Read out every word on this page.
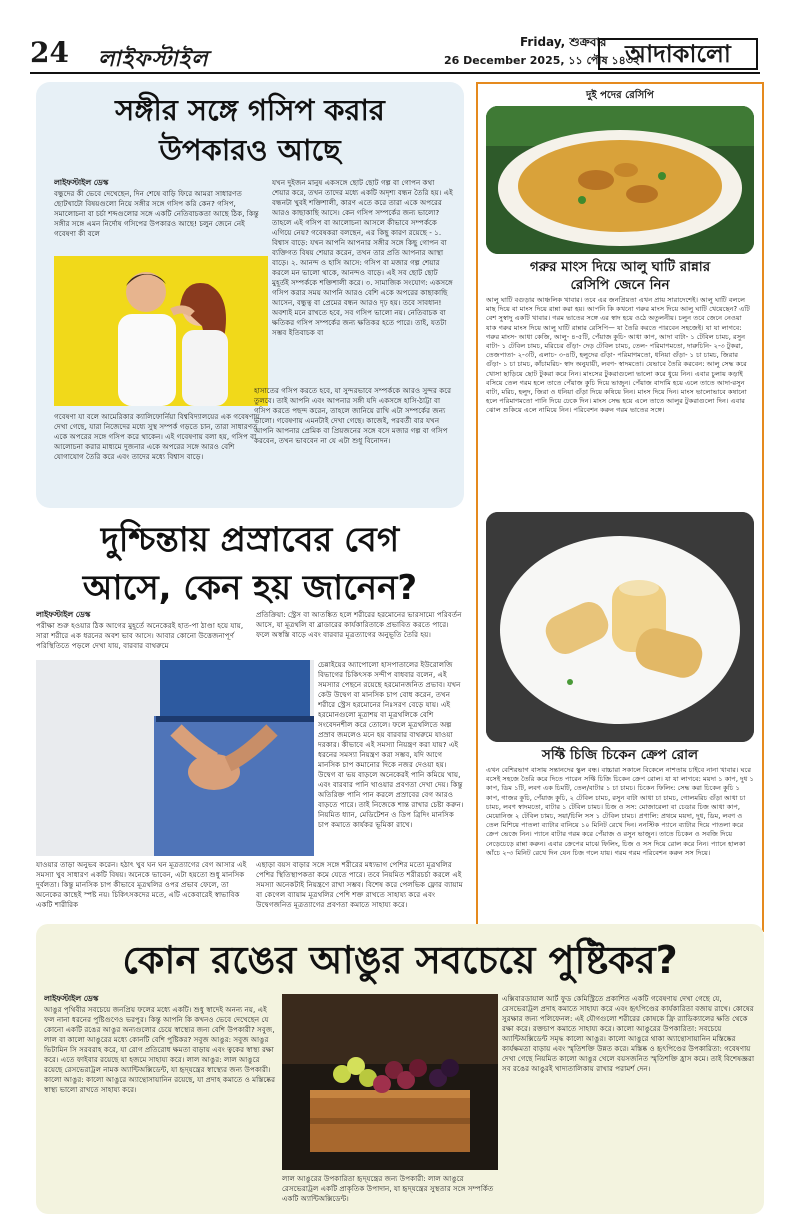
24 লাইফস্টাইল
Friday, শুক্রবার
26 December 2025, ১১ পৌষ ১৪৩২
আদাকালো
সঙ্গীর সঙ্গে গসিপ করার
উপকারও আছে

লাইফস্টাইল ডেস্ক

বন্ধুদের কী ভেবে দেখেছেন, দিন শেষে বাড়ি ফিরে আমরা সাধারণত ছোটখাটো বিষয়গুলো নিয়ে সঙ্গীর সঙ্গে গসিপ করি কেন? গসিপ, সমালোচনা বা চর্চা শব্দগুলোর সঙ্গে একটি নেতিবাচকতা আছে ঠিক, কিন্তু সঙ্গীর সঙ্গে এমন নির্দোষ গসিপের উপকারও আছে! চলুন জেনে নেই গবেষণা কী বলে

যখন দুইজন মানুষ একসঙ্গে ছোট ছোট গল্প বা গোপন কথা শেয়ার করে, তখন তাদের মধ্যে একটি অদৃশ্য বন্ধন তৈরি হয়। এই বন্ধনটা খুবই শক্তিশালী, কারণ এতে করে তারা একে অপরের আরও কাছাকাছি আসে। কেন গসিপ সম্পর্কের জন্য ভালো? তাহলে এই গসিপ বা আলোচনা আসলে কীভাবে সম্পর্ককে এগিয়ে নেয়? গবেষকরা বলছেন, এর কিছু কারণ রয়েছে - ১. বিশ্বাস বাড়ে: যখন আপনি আপনার সঙ্গীর সঙ্গে কিছু গোপন বা ব্যক্তিগত বিষয় শেয়ার করেন, তখন তার প্রতি আপনার আস্থা বাড়ে। ২. আনন্দ ও হাসি আসে: গসিপ বা মজার গল্প শেয়ার করলে মন ভালো থাকে, আনন্দও বাড়ে। এই সব ছোট ছোট মুহূর্তই সম্পর্ককে শক্তিশালী করে। ৩. সামাজিক সংযোগ: একসঙ্গে গসিপ করার সময় আপনি আরও বেশি একে অপরের কাছাকাছি আসেন, বন্ধুত্ব বা প্রেমের বন্ধন আরও দৃঢ় হয়। তবে সাবধান! অবশ্যই মনে রাখতে হবে, সব গসিপ ভালো নয়। নেতিবাচক বা ক্ষতিকর গসিপ সম্পর্কের জন্য ক্ষতিকর হতে পারে। তাই, যতটা সম্ভব ইতিবাচক বা

গবেষণা যা বলে আমেরিকার ক্যালিফোর্নিয়া বিশ্ববিদ্যালয়ের এক গবেষণায় দেখা গেছে, যারা নিজেদের মধ্যে সুস্থ সম্পর্ক গড়তে চান, তারা সাধারণত একে অপরের সঙ্গে গসিপ করে থাকেন। এই গবেষণায় বলা হয়, গসিপ বা আলোচনা করার মাধ্যমে দুজনার একে অপরের সঙ্গে আরও বেশি যোগাযোগ তৈরি করে এবং তাদের মধ্যে বিশ্বাস বাড়ে।

হাসাতের গসিপ করতে হবে, যা সুন্দরভাবে সম্পর্ককে আরও সুন্দর করে তুলবে। তাই আপনি এবং আপনার সঙ্গী যদি একসঙ্গে হাসি-ঠাট্টা বা গসিপ করতে পছন্দ করেন, তাহলে জানিয়ে রাখি এটা সম্পর্কের জন্য ভালো। গবেষণায় এমনটাই দেখা গেছে। কাজেই, পরবর্তী বার যখন আপনি আপনার প্রেমিক বা প্রিয়জনের সঙ্গে বসে মজার গল্প বা গসিপ করবেন, তখন ভাববেন না যে এটা শুধু বিনোদন।

দুশ্চিন্তায় প্রস্রাবের বেগ
আসে, কেন হয় জানেন?

লাইফস্টাইল ডেস্ক

পরীক্ষা শুরু হওয়ার ঠিক আগের মুহূর্তে অনেকেরই হাত-পা ঠাণ্ডা হয়ে যায়, সারা শরীরে এক ধরনের অবশ ভাব আসে। আবার কোনো উত্তেজনাপূর্ণ পরিস্থিতিতে পড়লে দেখা যায়, বারবার বাথরুমে

প্রতিক্রিয়া: স্ট্রেস বা আতঙ্কিত হলে শরীরের হরমোনের ভারসাম্যে পরিবর্তন আসে, যা মূত্রথলি বা ব্লাডারের কার্যকারিতাকে প্রভাবিত করতে পারে। ফলে অস্বস্তি বাড়ে এবং বারবার মূত্রত্যাগের অনুভূতি তৈরি হয়।

চেন্নাইয়ের অ্যাপোলো হাসপাতালের ইউরোলজি বিভাগের চিকিৎসক সন্দীপ বাধবার বলেন, এই সমস্যার পেছনে রয়েছে হরমোনজনিত প্রভাব। যখন কেউ উদ্বেগ বা মানসিক চাপ বোধ করেন, তখন শরীরে স্ট্রেস হরমোনের নিঃসরণ বেড়ে যায়। এই হরমোনগুলো মূত্রাশয় বা মূত্রথলিকে বেশি সংবেদনশীল করে তোলে। ফলে মূত্রথলিতে অল্প প্রস্রাব জমলেও মনে হয় বারবার বাথরুমে যাওয়া দরকার। কীভাবে এই সমস্যা নিয়ন্ত্রণ করা যায়? এই ধরনের সমস্যা নিয়ন্ত্রণ করা সম্ভব, যদি আগে মানসিক চাপ কমানোর দিকে নজর দেওয়া হয়। উদ্বেগ বা ভয় বাড়লে অনেকেরই পানি কমিয়ে খায়, এবং বারবার পানি খাওয়ার প্রবণতা দেখা দেয়। কিন্তু অতিরিক্ত পানি পান করলে প্রস্রাবের বেগ আরও বাড়তে পারে। তাই নিজেকে শান্ত রাখার চেষ্টা করুন। নিয়মিত ধ্যান, মেডিটেশন ও ডিপ ব্রিদিং মানসিক চাপ কমাতে কার্যকর ভূমিকা রাখে।

যাওয়ার তাড়া অনুভব করেন। হঠাৎ খুব ঘন ঘন মূত্রত্যাগের বেগ আসার এই সমস্যা খুব সাধারণ একটি বিষয়। অনেকে ভাবেন, এটা হয়তো শুধু মানসিক দুর্বলতা। কিন্তু মানসিক চাপ কীভাবে মূত্রথলির ওপর প্রভাব ফেলে, তা অনেকের কাছেই স্পষ্ট নয়। চিকিৎসকদের মতে, এটি একেবারেই স্বাভাবিক একটি শারীরিক

এছাড়া বয়স বাড়ার সঙ্গে সঙ্গে শরীরের মধ্যভাগ পেশির মতো মূত্রথলির পেশির স্থিতিস্থাপকতা কমে যেতে পারে। তবে নিয়মিত শরীরচর্চা করলে এই সমস্যা অনেকটাই নিয়ন্ত্রণে রাখা সম্ভব। বিশেষ করে পেলভিক ফ্লোর ব্যায়াম বা কেগেল ব্যায়াম মূত্রথলির পেশি শক্ত রাখতে সাহায্য করে এবং উদ্বেগজনিত মূত্রত্যাগের প্রবণতা কমাতে সাহায্য করে।

দুই পদের রেসিপি
গরুর মাংস দিয়ে আলু ঘাটি রান্নার
রেসিপি জেনে নিন
আলু ঘাটি বগুড়ার আঞ্চলিক খাবার। তবে এর জনপ্রিয়তা এখন প্রায় সারাদেশেই। আলু ঘাটি বললে মাছ দিয়ে বা মাংস দিয়ে রান্না করা হয়। আপনি কি কখনো গরুর মাংস দিয়ে আলু ঘাটি খেয়েছেন? এটি বেশ সুস্বাদু একটি খাবার। গরম ভাতের সঙ্গে এর স্বাদ হয়ে ওঠে অতুলনীয়। চলুন তবে জেনে নেওয়া যাক গরুর মাংস দিয়ে আলু ঘাটি রান্নার রেসিপি— যা তৈরি করতে পারবেন সহজেই। যা যা লাগবে: গরুর মাংস- আধা কেজি, আলু- ৪-৫টি, পেঁয়াজ কুচি- আধা কাপ, আদা বাটা- ১ টেবিল চামচ, রসুন বাটা- ১ টেবিল চামচ, মরিচের গুঁড়া- দেড় টেবিল চামচ, তেল- পরিমাণমতো, দারুচিনি- ২-৩ টুকরা, তেজপাতা- ২-৩টি, এলাচ- ৩-৪টি, হলুদের গুঁড়া- পরিমাণমতো, ধনিয়া গুঁড়া- ১ চা চামচ, জিরার গুঁড়া- ১ চা চামচ, কাঁচামরিচ- স্বাদ অনুযায়ী, লবণ- স্বাদমতো। যেভাবে তৈরি করবেন: আলু সেদ্ধ করে খোসা ছাড়িয়ে ছোট টুকরা করে নিন। মাংসের টুকরাগুলো ভালো করে ধুয়ে নিন। এবার চুলায় কড়াই বসিয়ে তেল গরম হলে তাতে পেঁয়াজ কুচি দিয়ে ভাজুন। পেঁয়াজ বাদামি হয়ে এলে তাতে আদা-রসুন বাটা, মরিচ, হলুদ, জিরা ও ধনিয়া গুঁড়া দিয়ে কষিয়ে নিন। মাংস দিয়ে দিন। মাংস ভালোভাবে কষানো হলে পরিমাণমতো পানি দিয়ে ঢেকে দিন। মাংস সেদ্ধ হয়ে এলে তাতে আলুর টুকরাগুলো দিন। এবার ঝোল শুকিয়ে এলে নামিয়ে নিন। পরিবেশন করুন গরম ভাতের সঙ্গে।
সফ্টি চিজি চিকেন ক্রেপ রোল
এখন বেশিরভাগ বাসায় সন্তানদের স্কুল বন্ধ। বাচ্চারা সকালে বিকেলে নাশতায় চাইবে নানা খাবার। ঘরে বসেই সহজে তৈরি করে দিতে পারেন সফ্টি চিজি চিকেন ক্রেপ রোল। যা যা লাগবে: ময়দা ১ কাপ, দুধ ১ কাপ, ডিম ১টি, লবণ এক চিমটি, তেল/বাটার ১ চা চামচ। চিকেন ফিলিং: সেদ্ধ করা চিকেন কুচি ১ কাপ, গাজর কুচি, পেঁয়াজ কুচি, ২ টেবিল চামচ, রসুন বাটা আধা চা চামচ, গোলমরিচ গুঁড়া আধা চা চামচ, লবণ স্বাদমতো, বাটার ১ টেবিল চামচ। চিজ ও সস: মোজারেলা বা চেডার চিজ আধা কাপ, মেয়োনিজ ২ টেবিল চামচ, সয়া/চিলি সস ১ টেবিল চামচ। প্রণালি: প্রথমে ময়দা, দুধ, ডিম, লবণ ও তেল মিশিয়ে পাতলা ব্যাটার বানিয়ে ১০ মিনিট রেখে দিন। ননস্টিক প্যানে ব্যাটার দিয়ে পাতলা করে ক্রেপ ভেজে নিন। প্যানে বাটার গরম করে পেঁয়াজ ও রসুন ভাজুন। তাতে চিকেন ও সবজি দিয়ে নেড়েচেড়ে রান্না করুন। এবার ক্রেপের মাঝে ফিলিং, চিজ ও সস দিয়ে রোল করে নিন। প্যানে হালকা আঁচে ২-৩ মিনিট রেখে দিন যেন চিজ গলে যায়। গরম গরম পরিবেশন করুন সস দিয়ে।
কোন রঙের আঙুর সবচেয়ে পুষ্টিকর?

লাইফস্টাইল ডেস্ক

আঙুর পৃথিবীর সবচেয়ে জনপ্রিয় ফলের মধ্যে একটি। শুধু স্বাদেই অনন্য নয়, এই ফল নানা ধরনের পুষ্টিগুণেও ভরপুর। কিন্তু আপনি কি কখনও ভেবে দেখেছেন যে কোনো একটি রঙের আঙুর অন্যগুলোর চেয়ে স্বাস্থ্যের জন্য বেশি উপকারী? সবুজ, লাল বা কালো আঙুরের মধ্যে কোনটি বেশি পুষ্টিকর? সবুজ আঙুর: সবুজ আঙুর ভিটামিন সি সরবরাহ করে, যা রোগ প্রতিরোধ ক্ষমতা বাড়ায় এবং ত্বকের স্বাস্থ্য রক্ষা করে। এতে ফাইবার রয়েছে যা হজমে সাহায্য করে। লাল আঙুর: লাল আঙুরে রয়েছে রেসভেরাট্রল নামক অ্যান্টিঅক্সিডেন্ট, যা হৃদ্‌যন্ত্রের স্বাস্থ্যের জন্য উপকারী। কালো আঙুর: কালো আঙুরে অ্যান্থোসায়ানিন রয়েছে, যা প্রদাহ কমাতে ও মস্তিষ্কের স্বাস্থ্য ভালো রাখতে সাহায্য করে।

লাল আঙুরের উপকারিতা হৃদ্‌যন্ত্রের জন্য উপকারী: লাল আঙুরে রেসভেরাট্রল একটি প্রাকৃতিক উপাদান, যা হৃদ্‌যন্ত্রের সুস্থতার সঙ্গে সম্পর্কিত একটি অ্যান্টিঅক্সিডেন্ট।

এক্সিবারডায়াল আর্ট ফুড কেমিস্ট্রিতে প্রকাশিত একটি গবেষণায় দেখা গেছে যে, রেসভেরাট্রল প্রদাহ কমাতে সাহায্য করে এবং হৃৎপিণ্ডের কার্যকারিতা বজায় রাখে। কোষের সুরক্ষার জন্য পলিফেনল: এই যৌগগুলো শরীরের কোষকে ফ্রি র‍্যাডিক্যালের ক্ষতি থেকে রক্ষা করে। রক্তচাপ কমাতে সাহায্য করে। কালো আঙুরের উপকারিতা: সবচেয়ে অ্যান্টিঅক্সিডেন্ট সমৃদ্ধ কালো আঙুর। কালো আঙুরে থাকা অ্যান্থোসায়ানিন মস্তিষ্কের কার্যক্ষমতা বাড়ায় এবং স্মৃতিশক্তি উন্নত করে। মস্তিষ্ক ও হৃৎপিণ্ডের উপকারিতা: গবেষণায় দেখা গেছে নিয়মিত কালো আঙুর খেলে বয়সজনিত স্মৃতিশক্তি হ্রাস কমে। তাই বিশেষজ্ঞরা সব রঙের আঙুরই খাদ্যতালিকায় রাখার পরামর্শ দেন।
